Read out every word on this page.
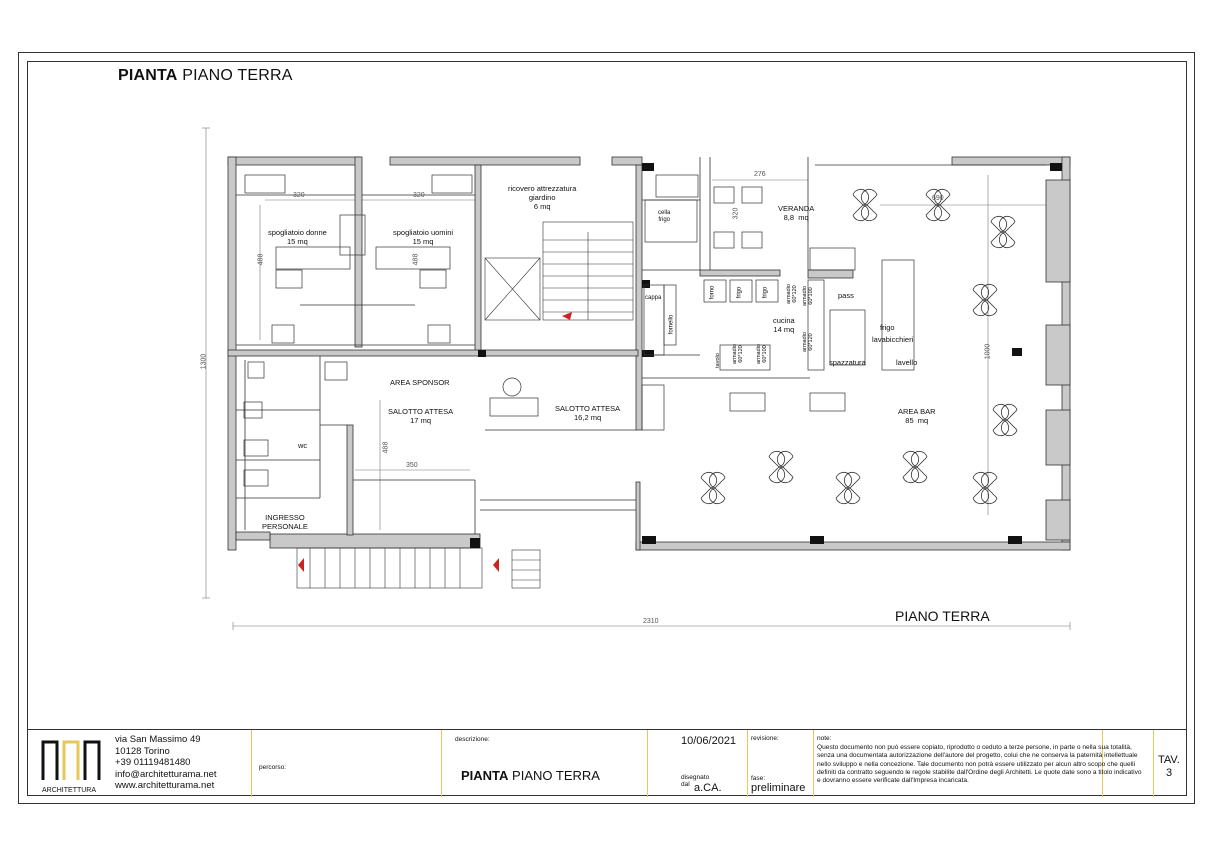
PIANTA PIANO TERRA
spogliatoio donne
15 mq
spogliatoio uomini
15 mq
ricovero attrezzatura
giardino
6 mq
cella
frigo
VERANDA
8,8  mq
cucina
14 mq
AREA SPONSOR
SALOTTO ATTESA
17 mq
SALOTTO ATTESA
16,2 mq
AREA BAR
85  mq
wc
INGRESSO
PERSONALE
pass
frigo
lavabicchieri
lavello
spazzatura
forno	frigo	frigo
cappa
fornello
armadio
60*120
armadio
60*100
armadio
60*120
armadio
60*100
tavolo
armadio
60*120
320	320
276
690
320
488	488
488
350
1000
1300
2310	PIANO TERRA
ARCHITETTURA
via San Massimo 49
10128 Torino
+39 01119481480
info@architetturama.net
www.architetturama.net
percorso:
descrizione:
PIANTA PIANO TERRA
10/06/2021
disegnato
dal a.CA.
revisione:
fase:
preliminare
note:
Questo documento non può essere copiato, riprodotto o ceduto a terze persone, in parte o nella sua totalità, senza una documentata autorizzazione dell'autore del progetto, colui che ne conserva la paternità intellettuale nello sviluppo e nella concezione. Tale documento non potrà essere utilizzato per alcun altro scopo che quelli definiti da contratto seguendo le regole stabilite dall'Ordine degli Architetti. Le quote date sono a titolo indicativo e dovranno essere verificate dall'Impresa incaricata.
TAV.
3
